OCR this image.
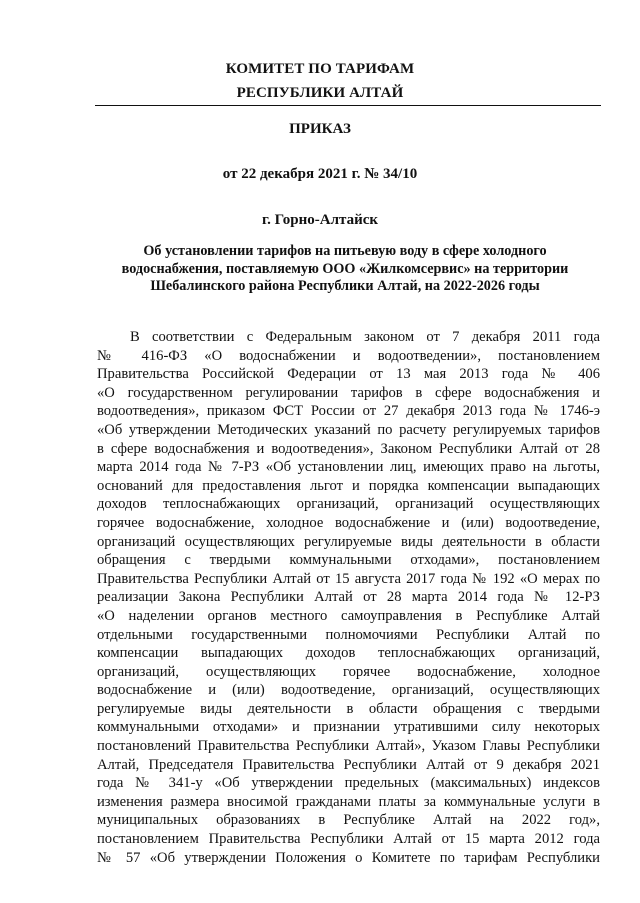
КОМИТЕТ ПО ТАРИФАМ
РЕСПУБЛИКИ АЛТАЙ
ПРИКАЗ
от 22 декабря 2021 г. № 34/10
г. Горно-Алтайск
Об установлении тарифов на питьевую воду в сфере холодного
водоснабжения, поставляемую ООО «Жилкомсервис» на территории
Шебалинского района Республики Алтай, на 2022-2026 годы
В соответствии с Федеральным законом от 7 декабря 2011 года
№ 416-ФЗ «О водоснабжении и водоотведении», постановлением
Правительства Российской Федерации от 13 мая 2013 года № 406
«О государственном регулировании тарифов в сфере водоснабжения и
водоотведения», приказом ФСТ России от 27 декабря 2013 года № 1746-э
«Об утверждении Методических указаний по расчету регулируемых тарифов
в сфере водоснабжения и водоотведения», Законом Республики Алтай от 28
марта 2014 года № 7-РЗ «Об установлении лиц, имеющих право на льготы,
оснований для предоставления льгот и порядка компенсации выпадающих
доходов теплоснабжающих организаций, организаций осуществляющих
горячее водоснабжение, холодное водоснабжение и (или) водоотведение,
организаций осуществляющих регулируемые виды деятельности в области
обращения с твердыми коммунальными отходами», постановлением
Правительства Республики Алтай от 15 августа 2017 года № 192 «О мерах по
реализации Закона Республики Алтай от 28 марта 2014 года № 12-РЗ
«О наделении органов местного самоуправления в Республике Алтай
отдельными государственными полномочиями Республики Алтай по
компенсации выпадающих доходов теплоснабжающих организаций,
организаций, осуществляющих горячее водоснабжение, холодное
водоснабжение и (или) водоотведение, организаций, осуществляющих
регулируемые виды деятельности в области обращения с твердыми
коммунальными отходами» и признании утратившими силу некоторых
постановлений Правительства Республики Алтай», Указом Главы Республики
Алтай, Председателя Правительства Республики Алтай от 9 декабря 2021
года № 341-у «Об утверждении предельных (максимальных) индексов
изменения размера вносимой гражданами платы за коммунальные услуги в
муниципальных образованиях в Республике Алтай на 2022 год»,
постановлением Правительства Республики Алтай от 15 марта 2012 года
№ 57 «Об утверждении Положения о Комитете по тарифам Республики
